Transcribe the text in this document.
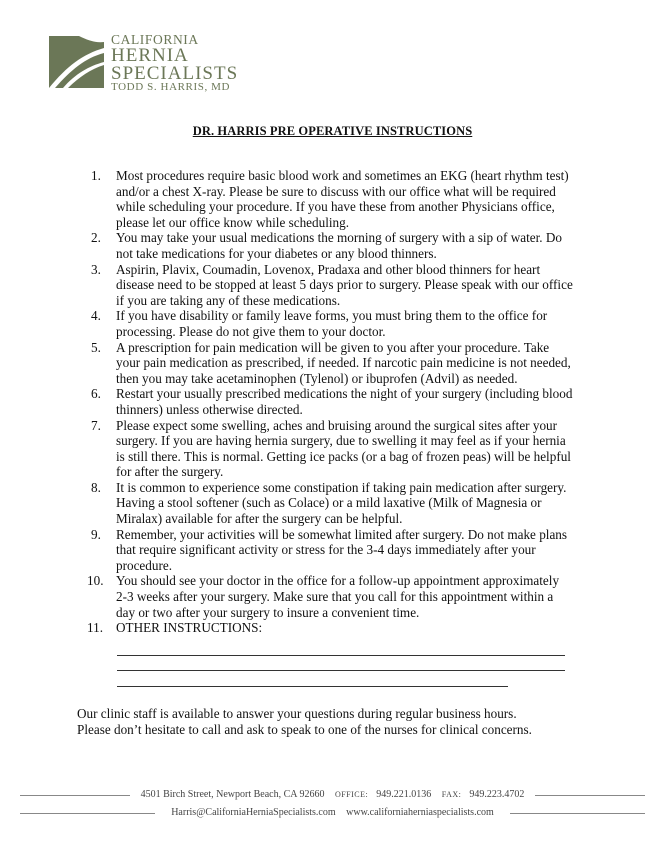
CALIFORNIA
HERNIA
SPECIALISTS
TODD S. HARRIS, MD
DR. HARRIS PRE OPERATIVE INSTRUCTIONS
1. Most procedures require basic blood work and sometimes an EKG (heart rhythm test) and/or a chest X-ray. Please be sure to discuss with our office what will be required while scheduling your procedure. If you have these from another Physicians office, please let our office know while scheduling.
2. You may take your usual medications the morning of surgery with a sip of water. Do not take medications for your diabetes or any blood thinners.
3. Aspirin, Plavix, Coumadin, Lovenox, Pradaxa and other blood thinners for heart disease need to be stopped at least 5 days prior to surgery. Please speak with our office if you are taking any of these medications.
4. If you have disability or family leave forms, you must bring them to the office for processing. Please do not give them to your doctor.
5. A prescription for pain medication will be given to you after your procedure. Take your pain medication as prescribed, if needed. If narcotic pain medicine is not needed, then you may take acetaminophen (Tylenol) or ibuprofen (Advil) as needed.
6. Restart your usually prescribed medications the night of your surgery (including blood thinners) unless otherwise directed.
7. Please expect some swelling, aches and bruising around the surgical sites after your surgery. If you are having hernia surgery, due to swelling it may feel as if your hernia is still there. This is normal. Getting ice packs (or a bag of frozen peas) will be helpful for after the surgery.
8. It is common to experience some constipation if taking pain medication after surgery. Having a stool softener (such as Colace) or a mild laxative (Milk of Magnesia or Miralax) available for after the surgery can be helpful.
9. Remember, your activities will be somewhat limited after surgery. Do not make plans that require significant activity or stress for the 3-4 days immediately after your procedure.
10. You should see your doctor in the office for a follow-up appointment approximately 2-3 weeks after your surgery. Make sure that you call for this appointment within a day or two after your surgery to insure a convenient time.
11. OTHER INSTRUCTIONS:
Our clinic staff is available to answer your questions during regular business hours.
Please don’t hesitate to call and ask to speak to one of the nurses for clinical concerns.
4501 Birch Street, Newport Beach, CA 92660 OFFICE: 949.221.0136 FAX: 949.223.4702
Harris@CaliforniaHerniaSpecialists.com www.californiaherniaspecialists.com
